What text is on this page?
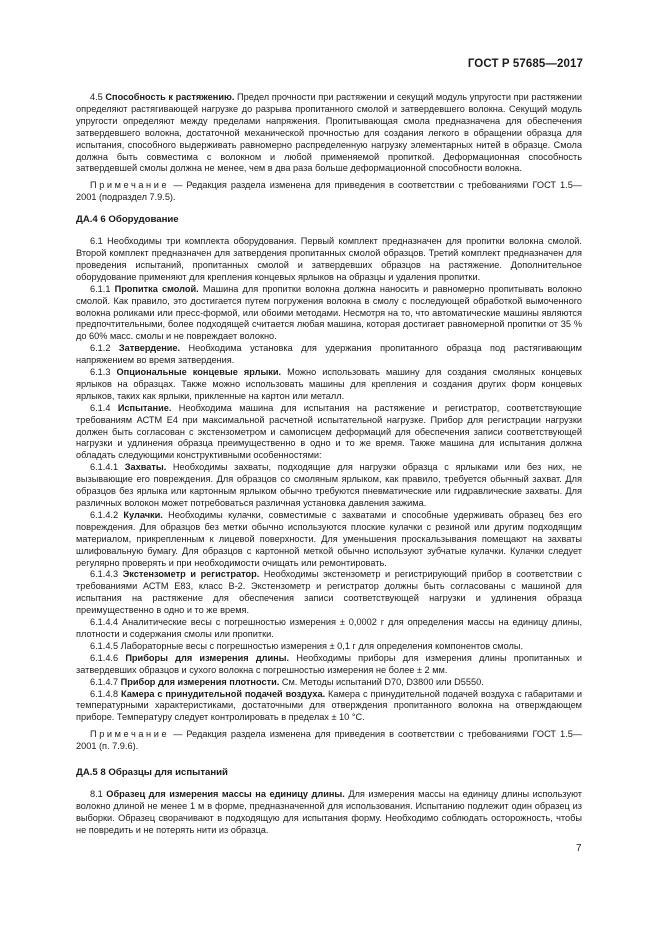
ГОСТ Р 57685—2017

4.5 Способность к растяжению. Предел прочности при растяжении и секущий модуль упругости при растяжении определяют растягивающей нагрузке до разрыва пропитанного смолой и затвердевшего волокна. Секущий модуль упругости определяют между пределами напряжения. Пропитывающая смола предназначена для обеспечения затвердевшего волокна, достаточной механической прочностью для создания легкого в обращении образца для испытания, способного выдерживать равномерно распределенную нагрузку элементарных нитей в образце. Смола должна быть совместима с волокном и любой применяемой пропиткой. Деформационная способность затвердевшей смолы должна не менее, чем в два раза больше деформационной способности волокна.

Примечание — Редакция раздела изменена для приведения в соответствии с требованиями ГОСТ 1.5—2001 (подраздел 7.9.5).

ДА.4 6 Оборудование

6.1 Необходимы три комплекта оборудования. Первый комплект предназначен для пропитки волокна смолой. Второй комплект предназначен для затвердения пропитанных смолой образцов. Третий комплект предназначен для проведения испытаний, пропитанных смолой и затвердевших образцов на растяжение. Дополнительное оборудование применяют для крепления концевых ярлыков на образцы и удаления пропитки.

6.1.1 Пропитка смолой. Машина для пропитки волокна должна наносить и равномерно пропитывать волокно смолой. Как правило, это достигается путем погружения волокна в смолу с последующей обработкой вымоченного волокна роликами или пресс-формой, или обоими методами. Несмотря на то, что автоматические машины являются предпочтительными, более подходящей считается любая машина, которая достигает равномерной пропитки от 35 % до 60% масс. смолы и не повреждает волокно.

6.1.2 Затвердение. Необходима установка для удержания пропитанного образца под растягивающим напряжением во время затвердения.

6.1.3 Опциональные концевые ярлыки. Можно использовать машину для создания смоляных концевых ярлыков на образцах. Также можно использовать машины для крепления и создания других форм концевых ярлыков, таких как ярлыки, прикленные на картон или металл.

6.1.4 Испытание. Необходима машина для испытания на растяжение и регистратор, соответствующие требованиям АСТМ Е4 при максимальной расчетной испытательной нагрузке. Прибор для регистрации нагрузки должен быть согласован с экстензометром и самописцем деформаций для обеспечения записи соответствующей нагрузки и удлинения образца преимущественно в одно и то же время. Также машина для испытания должна обладать следующими конструктивными особенностями:

6.1.4.1 Захваты. Необходимы захваты, подходящие для нагрузки образца с ярлыками или без них, не вызывающие его повреждения. Для образцов со смоляным ярлыком, как правило, требуется обычный захват. Для образцов без ярлыка или картонным ярлыком обычно требуются пневматические или гидравлические захваты. Для различных волокон может потребоваться различная установка давления зажима.

6.1.4.2 Кулачки. Необходимы кулачки, совместимые с захватами и способные удерживать образец без его повреждения. Для образцов без метки обычно используются плоские кулачки с резиной или другим подходящим материалом, прикрепленным к лицевой поверхности. Для уменьшения проскальзывания помещают на захваты шлифовальную бумагу. Для образцов с картонной меткой обычно используют зубчатые кулачки. Кулачки следует регулярно проверять и при необходимости очищать или ремонтировать.

6.1.4.3 Экстензометр и регистратор. Необходимы экстензометр и регистрирующий прибор в соответствии с требованиями АСТМ Е83, класс В-2. Экстензометр и регистратор должны быть согласованы с машиной для испытания на растяжение для обеспечения записи соответствующей нагрузки и удлинения образца преимущественно в одно и то же время.

6.1.4.4 Аналитические весы с погрешностью измерения ± 0,0002 г для определения массы на единицу длины, плотности и содержания смолы или пропитки.

6.1.4.5 Лабораторные весы с погрешностью измерения ± 0,1 г для определения компонентов смолы.

6.1.4.6 Приборы для измерения длины. Необходимы приборы для измерения длины пропитанных и затвердевших образцов и сухого волокна с погрешностью измерения не более ± 2 мм.

6.1.4.7 Прибор для измерения плотности. См. Методы испытаний D70, D3800 или D5550.

6.1.4.8 Камера с принудительной подачей воздуха. Камера с принудительной подачей воздуха с габаритами и температурными характеристиками, достаточными для отверждения пропитанного волокна на отверждающем приборе. Температуру следует контролировать в пределах ± 10 °С.

Примечание — Редакция раздела изменена для приведения в соответствии с требованиями ГОСТ 1.5—2001 (п. 7.9.6).

ДА.5 8 Образцы для испытаний

8.1 Образец для измерения массы на единицу длины. Для измерения массы на единицу длины используют волокно длиной не менее 1 м в форме, предназначенной для использования. Испытанию подлежит один образец из выборки. Образец сворачивают в подходящую для испытания форму. Необходимо соблюдать осторожность, чтобы не повредить и не потерять нити из образца.

7
